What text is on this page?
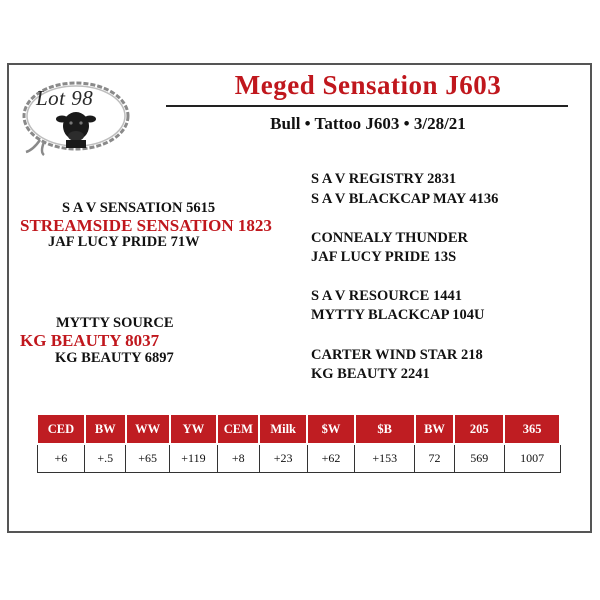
Lot 98	Meged Sensation J603
Bull • Tattoo J603 • 3/28/21
S A V SENSATION 5615
STREAMSIDE SENSATION 1823
JAF LUCY PRIDE 71W
S A V REGISTRY 2831
S A V BLACKCAP MAY 4136
CONNEALY THUNDER
JAF LUCY PRIDE 13S
MYTTY SOURCE
KG BEAUTY 8037
KG BEAUTY 6897
S A V RESOURCE 1441
MYTTY BLACKCAP 104U
CARTER WIND STAR 218
KG BEAUTY 2241
CED	BW	WW	YW	CEM	Milk	$W	$B	BW	205	365
+6	+.5	+65	+119	+8	+23	+62	+153	72	569	1007
